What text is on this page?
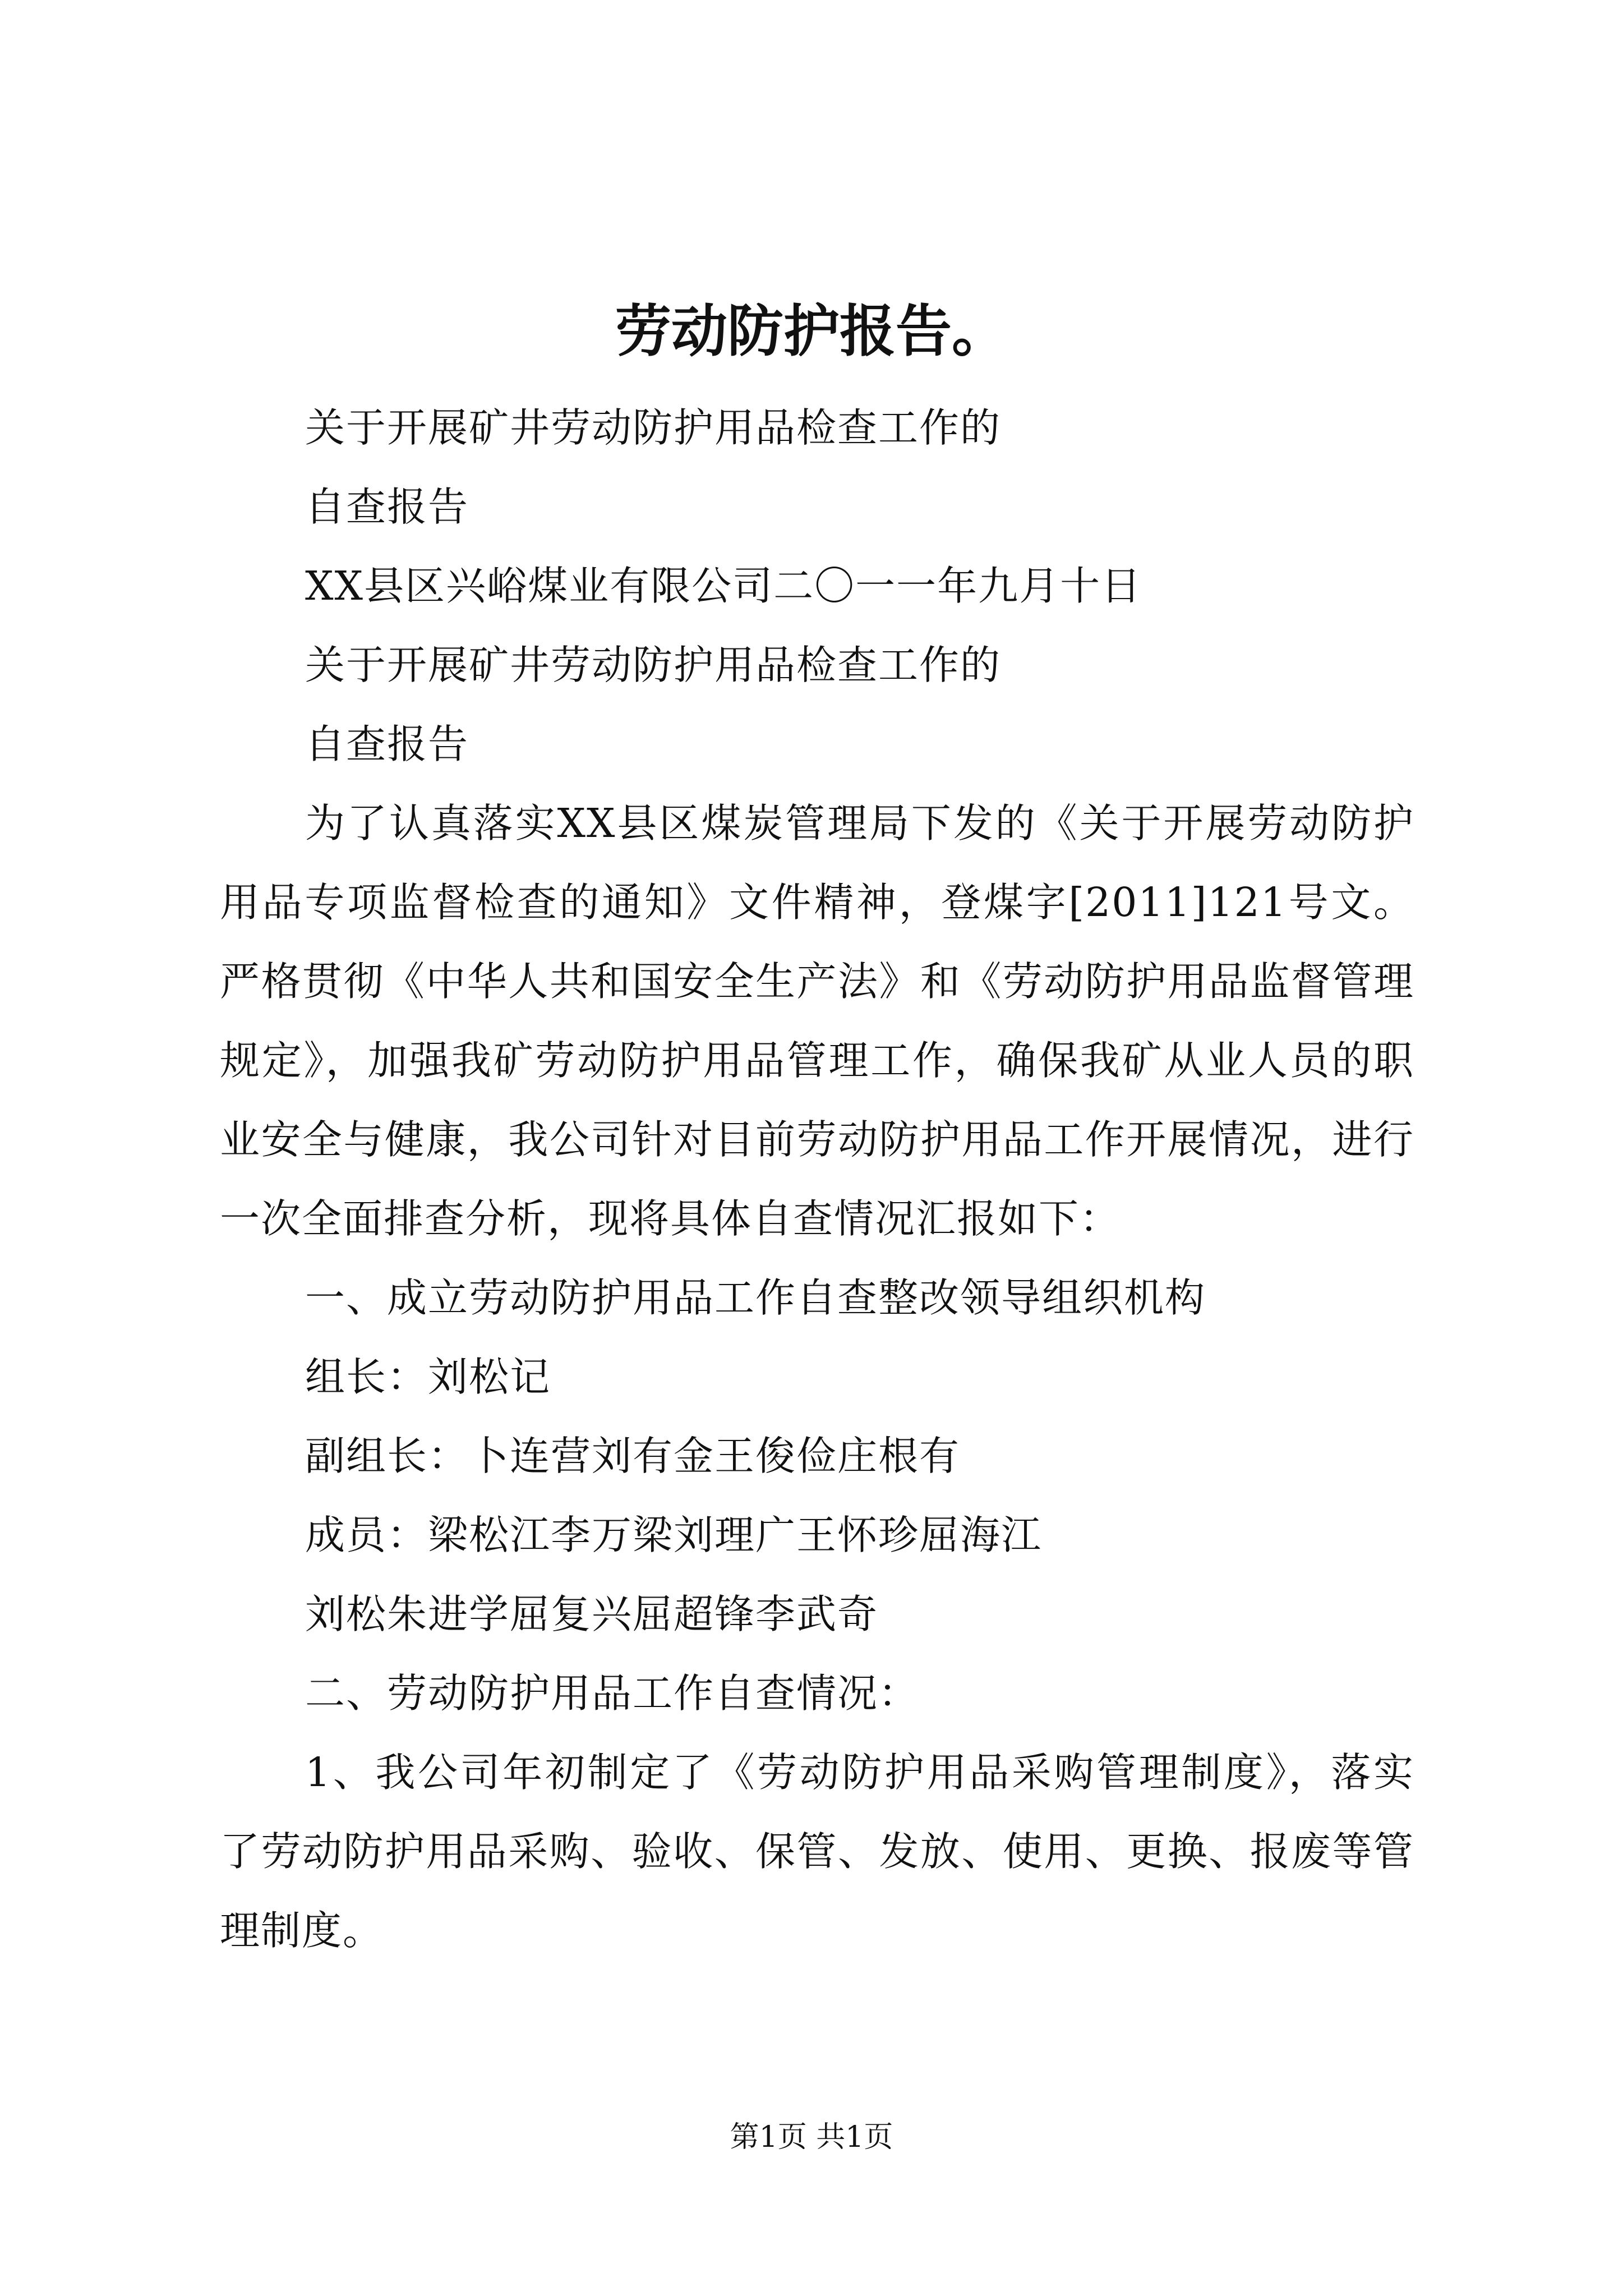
劳动防护报告。

关于开展矿井劳动防护用品检查工作的

自查报告

XX县区兴峪煤业有限公司二〇一一年九月十日

关于开展矿井劳动防护用品检查工作的

自查报告

为了认真落实XX县区煤炭管理局下发的《关于开展劳动防护用品专项监督检查的通知》文件精神，登煤字[2011]121号文。严格贯彻《中华人共和国安全生产法》和《劳动防护用品监督管理规定》，加强我矿劳动防护用品管理工作，确保我矿从业人员的职业安全与健康，我公司针对目前劳动防护用品工作开展情况，进行一次全面排查分析，现将具体自查情况汇报如下：

一、成立劳动防护用品工作自查整改领导组织机构

组长：刘松记

副组长：卜连营刘有金王俊俭庄根有

成员：梁松江李万梁刘理广王怀珍屈海江

刘松朱进学屈复兴屈超锋李武奇

二、劳动防护用品工作自查情况：

1、我公司年初制定了《劳动防护用品采购管理制度》，落实了劳动防护用品采购、验收、保管、发放、使用、更换、报废等管理制度。

第1页 共1页
